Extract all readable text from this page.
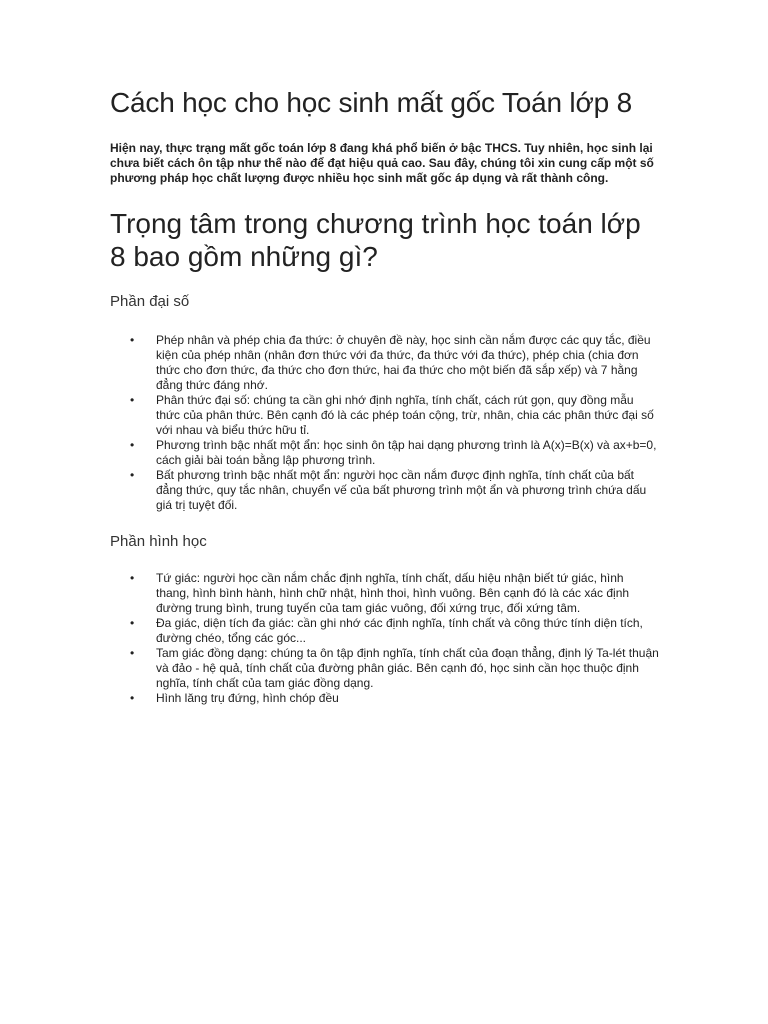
Cách học cho học sinh mất gốc Toán lớp 8

Hiện nay, thực trạng mất gốc toán lớp 8 đang khá phổ biến ở bậc THCS. Tuy nhiên, học sinh lại chưa biết cách ôn tập như thế nào để đạt hiệu quả cao. Sau đây, chúng tôi xin cung cấp một số phương pháp học chất lượng được nhiều học sinh mất gốc áp dụng và rất thành công.

Trọng tâm trong chương trình học toán lớp 8 bao gồm những gì?
Phần đại số
• Phép nhân và phép chia đa thức: ở chuyên đề này, học sinh cần nắm được các quy tắc, điều kiện của phép nhân (nhân đơn thức với đa thức, đa thức với đa thức), phép chia (chia đơn thức cho đơn thức, đa thức cho đơn thức, hai đa thức cho một biến đã sắp xếp) và 7 hằng đẳng thức đáng nhớ.
• Phân thức đại số: chúng ta cần ghi nhớ định nghĩa, tính chất, cách rút gọn, quy đồng mẫu thức của phân thức. Bên cạnh đó là các phép toán cộng, trừ, nhân, chia các phân thức đại số với nhau và biểu thức hữu tỉ.
• Phương trình bậc nhất một ẩn: học sinh ôn tập hai dạng phương trình là A(x)=B(x) và ax+b=0, cách giải bài toán bằng lập phương trình.
• Bất phương trình bậc nhất một ẩn: người học cần nắm được định nghĩa, tính chất của bất đẳng thức, quy tắc nhân, chuyển vế của bất phương trình một ẩn và phương trình chứa dấu giá trị tuyệt đối.
Phần hình học
• Tứ giác: người học cần nắm chắc định nghĩa, tính chất, dấu hiệu nhận biết tứ giác, hình thang, hình bình hành, hình chữ nhật, hình thoi, hình vuông. Bên cạnh đó là các xác định đường trung bình, trung tuyến của tam giác vuông, đối xứng trục, đối xứng tâm.
• Đa giác, diện tích đa giác: cần ghi nhớ các định nghĩa, tính chất và công thức tính diện tích, đường chéo, tổng các góc...
• Tam giác đồng dạng: chúng ta ôn tập định nghĩa, tính chất của đoạn thẳng, định lý Ta-lét thuận và đảo - hệ quả, tính chất của đường phân giác. Bên cạnh đó, học sinh cần học thuộc định nghĩa, tính chất của tam giác đồng dạng.
• Hình lăng trụ đứng, hình chóp đều
